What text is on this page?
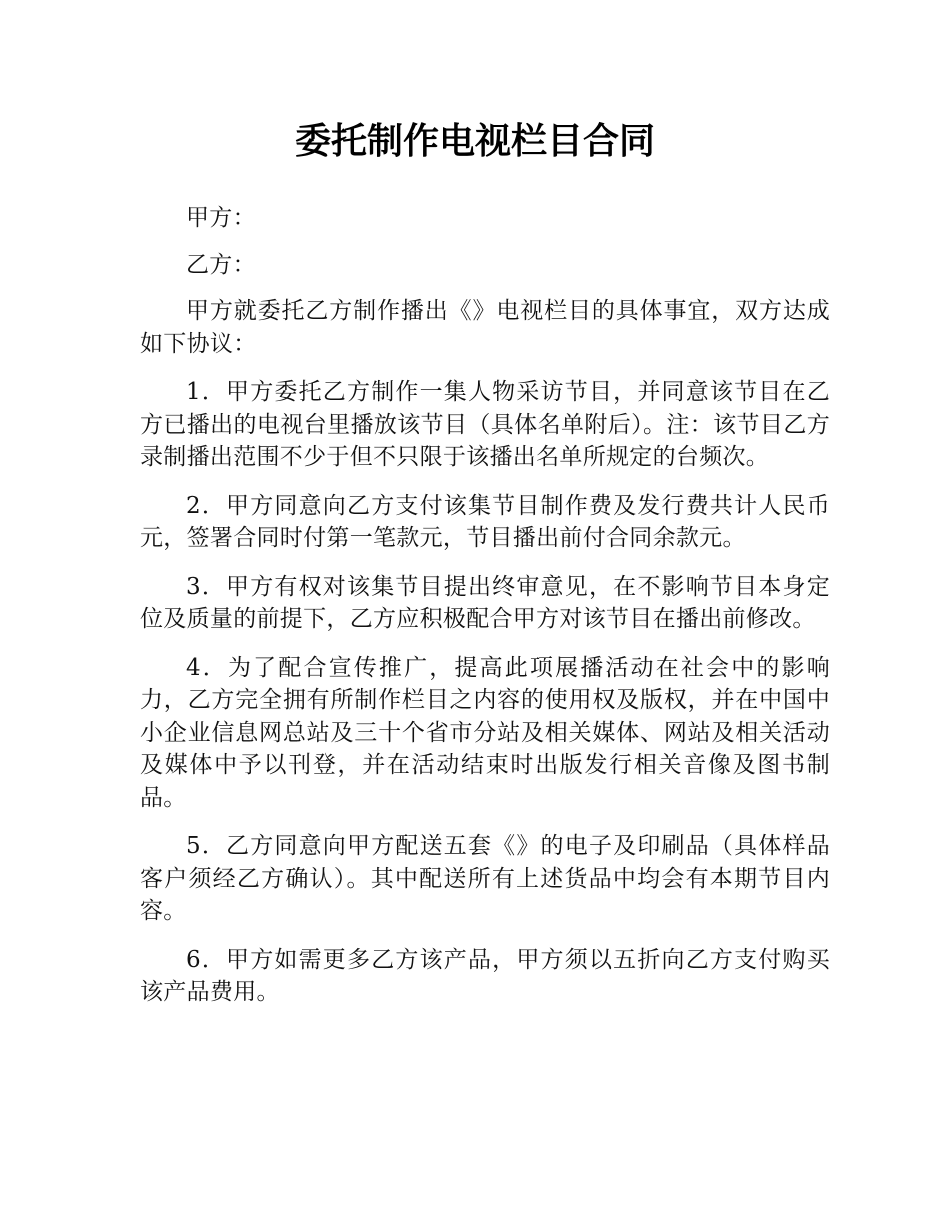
委托制作电视栏目合同

甲方：

乙方：

甲方就委托乙方制作播出《》电视栏目的具体事宜，双方达成如下协议：

1．甲方委托乙方制作一集人物采访节目，并同意该节目在乙方已播出的电视台里播放该节目（具体名单附后）。注：该节目乙方录制播出范围不少于但不只限于该播出名单所规定的台频次。

2．甲方同意向乙方支付该集节目制作费及发行费共计人民币元，签署合同时付第一笔款元，节目播出前付合同余款元。

3．甲方有权对该集节目提出终审意见，在不影响节目本身定位及质量的前提下，乙方应积极配合甲方对该节目在播出前修改。

4．为了配合宣传推广，提高此项展播活动在社会中的影响力，乙方完全拥有所制作栏目之内容的使用权及版权，并在中国中小企业信息网总站及三十个省市分站及相关媒体、网站及相关活动及媒体中予以刊登，并在活动结束时出版发行相关音像及图书制品。

5．乙方同意向甲方配送五套《》的电子及印刷品（具体样品客户须经乙方确认）。其中配送所有上述货品中均会有本期节目内容。

6．甲方如需更多乙方该产品，甲方须以五折向乙方支付购买该产品费用。
